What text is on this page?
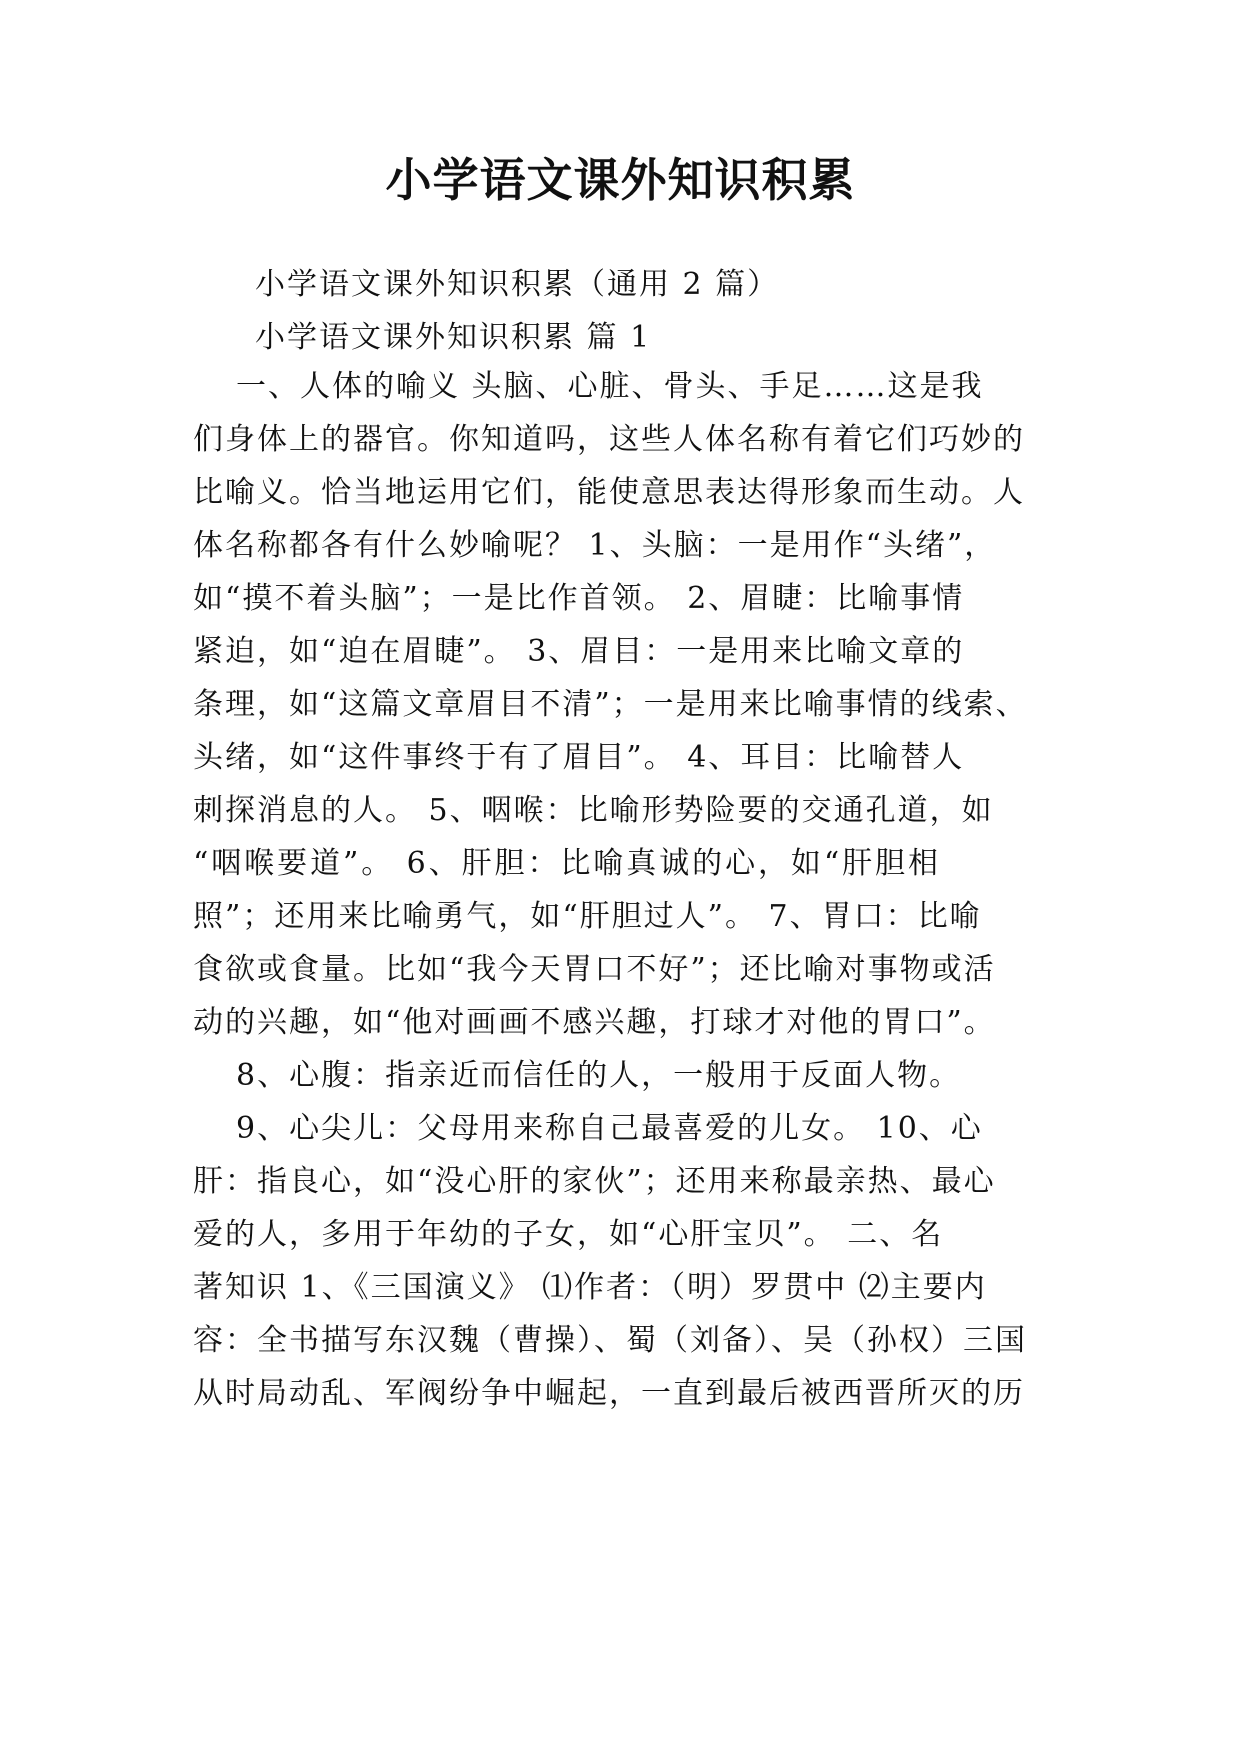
小学语文课外知识积累

小学语文课外知识积累（通用 2 篇）

小学语文课外知识积累 篇 1

一、人体的喻义 头脑、心脏、骨头、手足……这是我

们身体上的器官。你知道吗，这些人体名称有着它们巧妙的

比喻义。恰当地运用它们，能使意思表达得形象而生动。人

体名称都各有什么妙喻呢？ 1、头脑：一是用作“头绪”，

如“摸不着头脑”；一是比作首领。 2、眉睫：比喻事情

紧迫，如“迫在眉睫”。 3、眉目：一是用来比喻文章的

条理，如“这篇文章眉目不清”；一是用来比喻事情的线索、

头绪，如“这件事终于有了眉目”。 4、耳目：比喻替人

刺探消息的人。 5、咽喉：比喻形势险要的交通孔道，如

“咽喉要道”。 6、肝胆：比喻真诚的心，如“肝胆相

照”；还用来比喻勇气，如“肝胆过人”。 7、胃口：比喻

食欲或食量。比如“我今天胃口不好”；还比喻对事物或活

动的兴趣，如“他对画画不感兴趣，打球才对他的胃口”。

8、心腹：指亲近而信任的人，一般用于反面人物。

9、心尖儿：父母用来称自己最喜爱的儿女。 10、心

肝：指良心，如“没心肝的家伙”；还用来称最亲热、最心

爱的人，多用于年幼的子女，如“心肝宝贝”。 二、名

著知识 1、《三国演义》 ⑴作者：（明）罗贯中 ⑵主要内

容：全书描写东汉魏（曹操）、蜀（刘备）、吴（孙权）三国

从时局动乱、军阀纷争中崛起，一直到最后被西晋所灭的历
